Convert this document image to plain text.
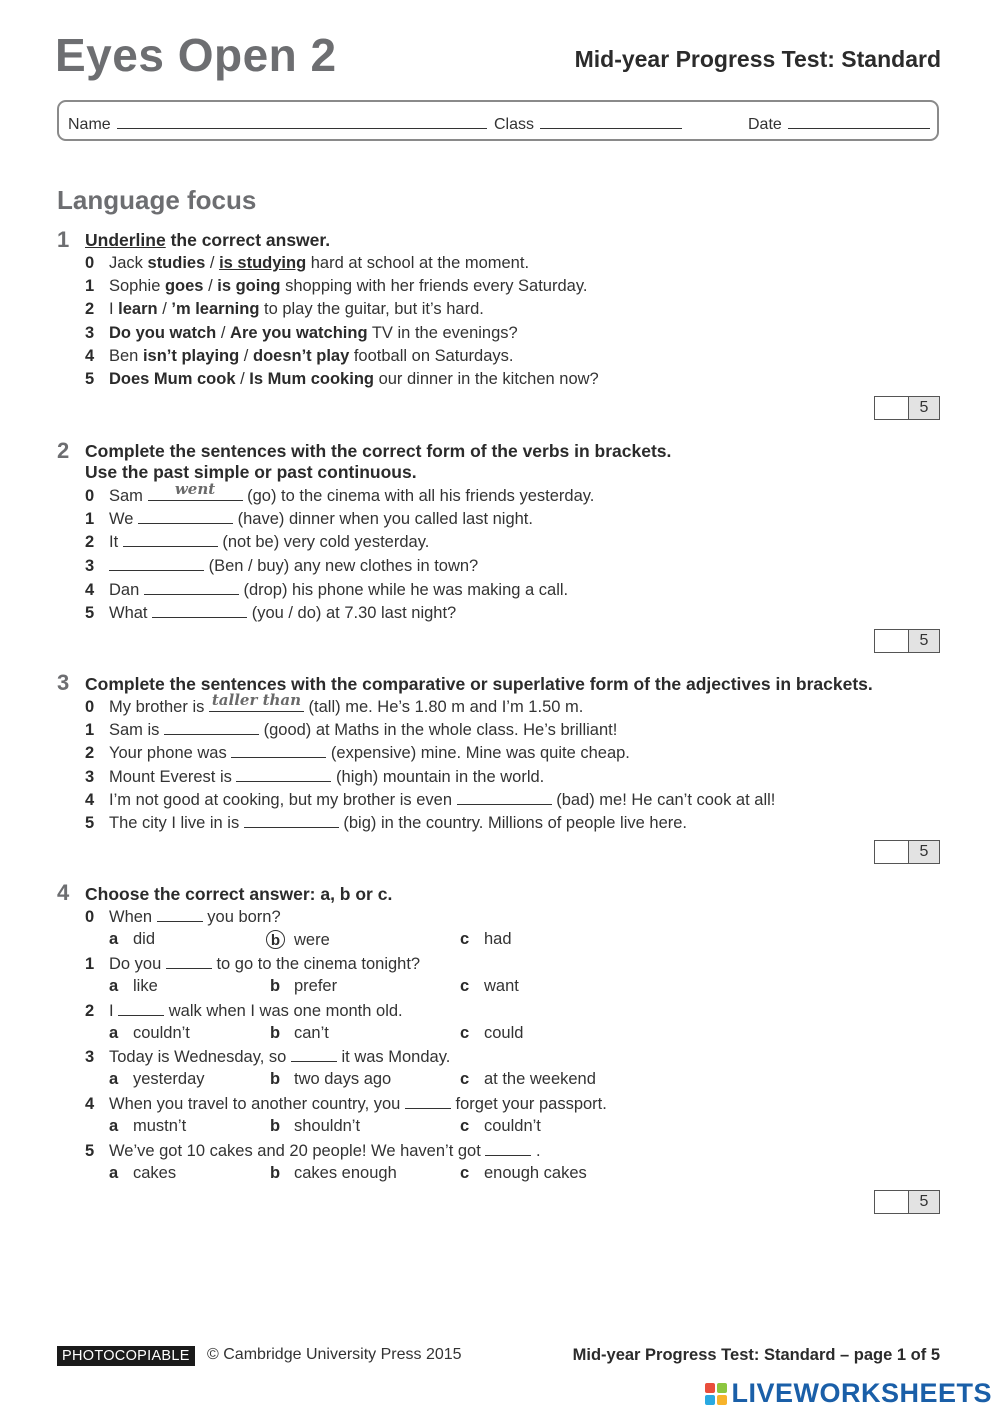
Eyes Open 2	Mid-year Progress Test: Standard
Name	Class	Date
Language focus
1 Underline the correct answer.
0 Jack studies / is studying hard at school at the moment.
1 Sophie goes / is going shopping with her friends every Saturday.
2 I learn / ’m learning to play the guitar, but it’s hard.
3 Do you watch / Are you watching TV in the evenings?
4 Ben isn’t playing / doesn’t play football on Saturdays.
5 Does Mum cook / Is Mum cooking our dinner in the kitchen now?
5
2 Complete the sentences with the correct form of the verbs in brackets.
Use the past simple or past continuous.
0 Sam	went	(go) to the cinema with all his friends yesterday.
1 We	(have) dinner when you called last night.
2 It	(not be) very cold yesterday.
3	(Ben / buy) any new clothes in town?
4 Dan	(drop) his phone while he was making a call.
5 What	(you / do) at 7.30 last night?
5
3 Complete the sentences with the comparative or superlative form of the adjectives in brackets.
0 My brother is taller than (tall) me. He’s 1.80 m and I’m 1.50 m.
1 Sam is	(good) at Maths in the whole class. He’s brilliant!
2 Your phone was	(expensive) mine. Mine was quite cheap.
3 Mount Everest is	(high) mountain in the world.
4 I’m not good at cooking, but my brother is even	(bad) me! He can’t cook at all!
5 The city I live in is	(big) in the country. Millions of people live here.
5
4 Choose the correct answer: a, b or c.
0 When	you born?
a did	b were	c had
1 Do you	to go to the cinema tonight?
a like	b prefer	c want
2 I	walk when I was one month old.
a couldn’t	b can’t	c could
3 Today is Wednesday, so	it was Monday.
a yesterday	b two days ago	c at the weekend
4 When you travel to another country, you	forget your passport.
a mustn’t	b shouldn’t	c couldn’t
5 We’ve got 10 cakes and 20 people! We haven’t got	.
a cakes	b cakes enough	c enough cakes
5
PHOTOCOPIABLE	© Cambridge University Press 2015	Mid-year Progress Test: Standard – page 1 of 5
LIVEWORKSHEETS
